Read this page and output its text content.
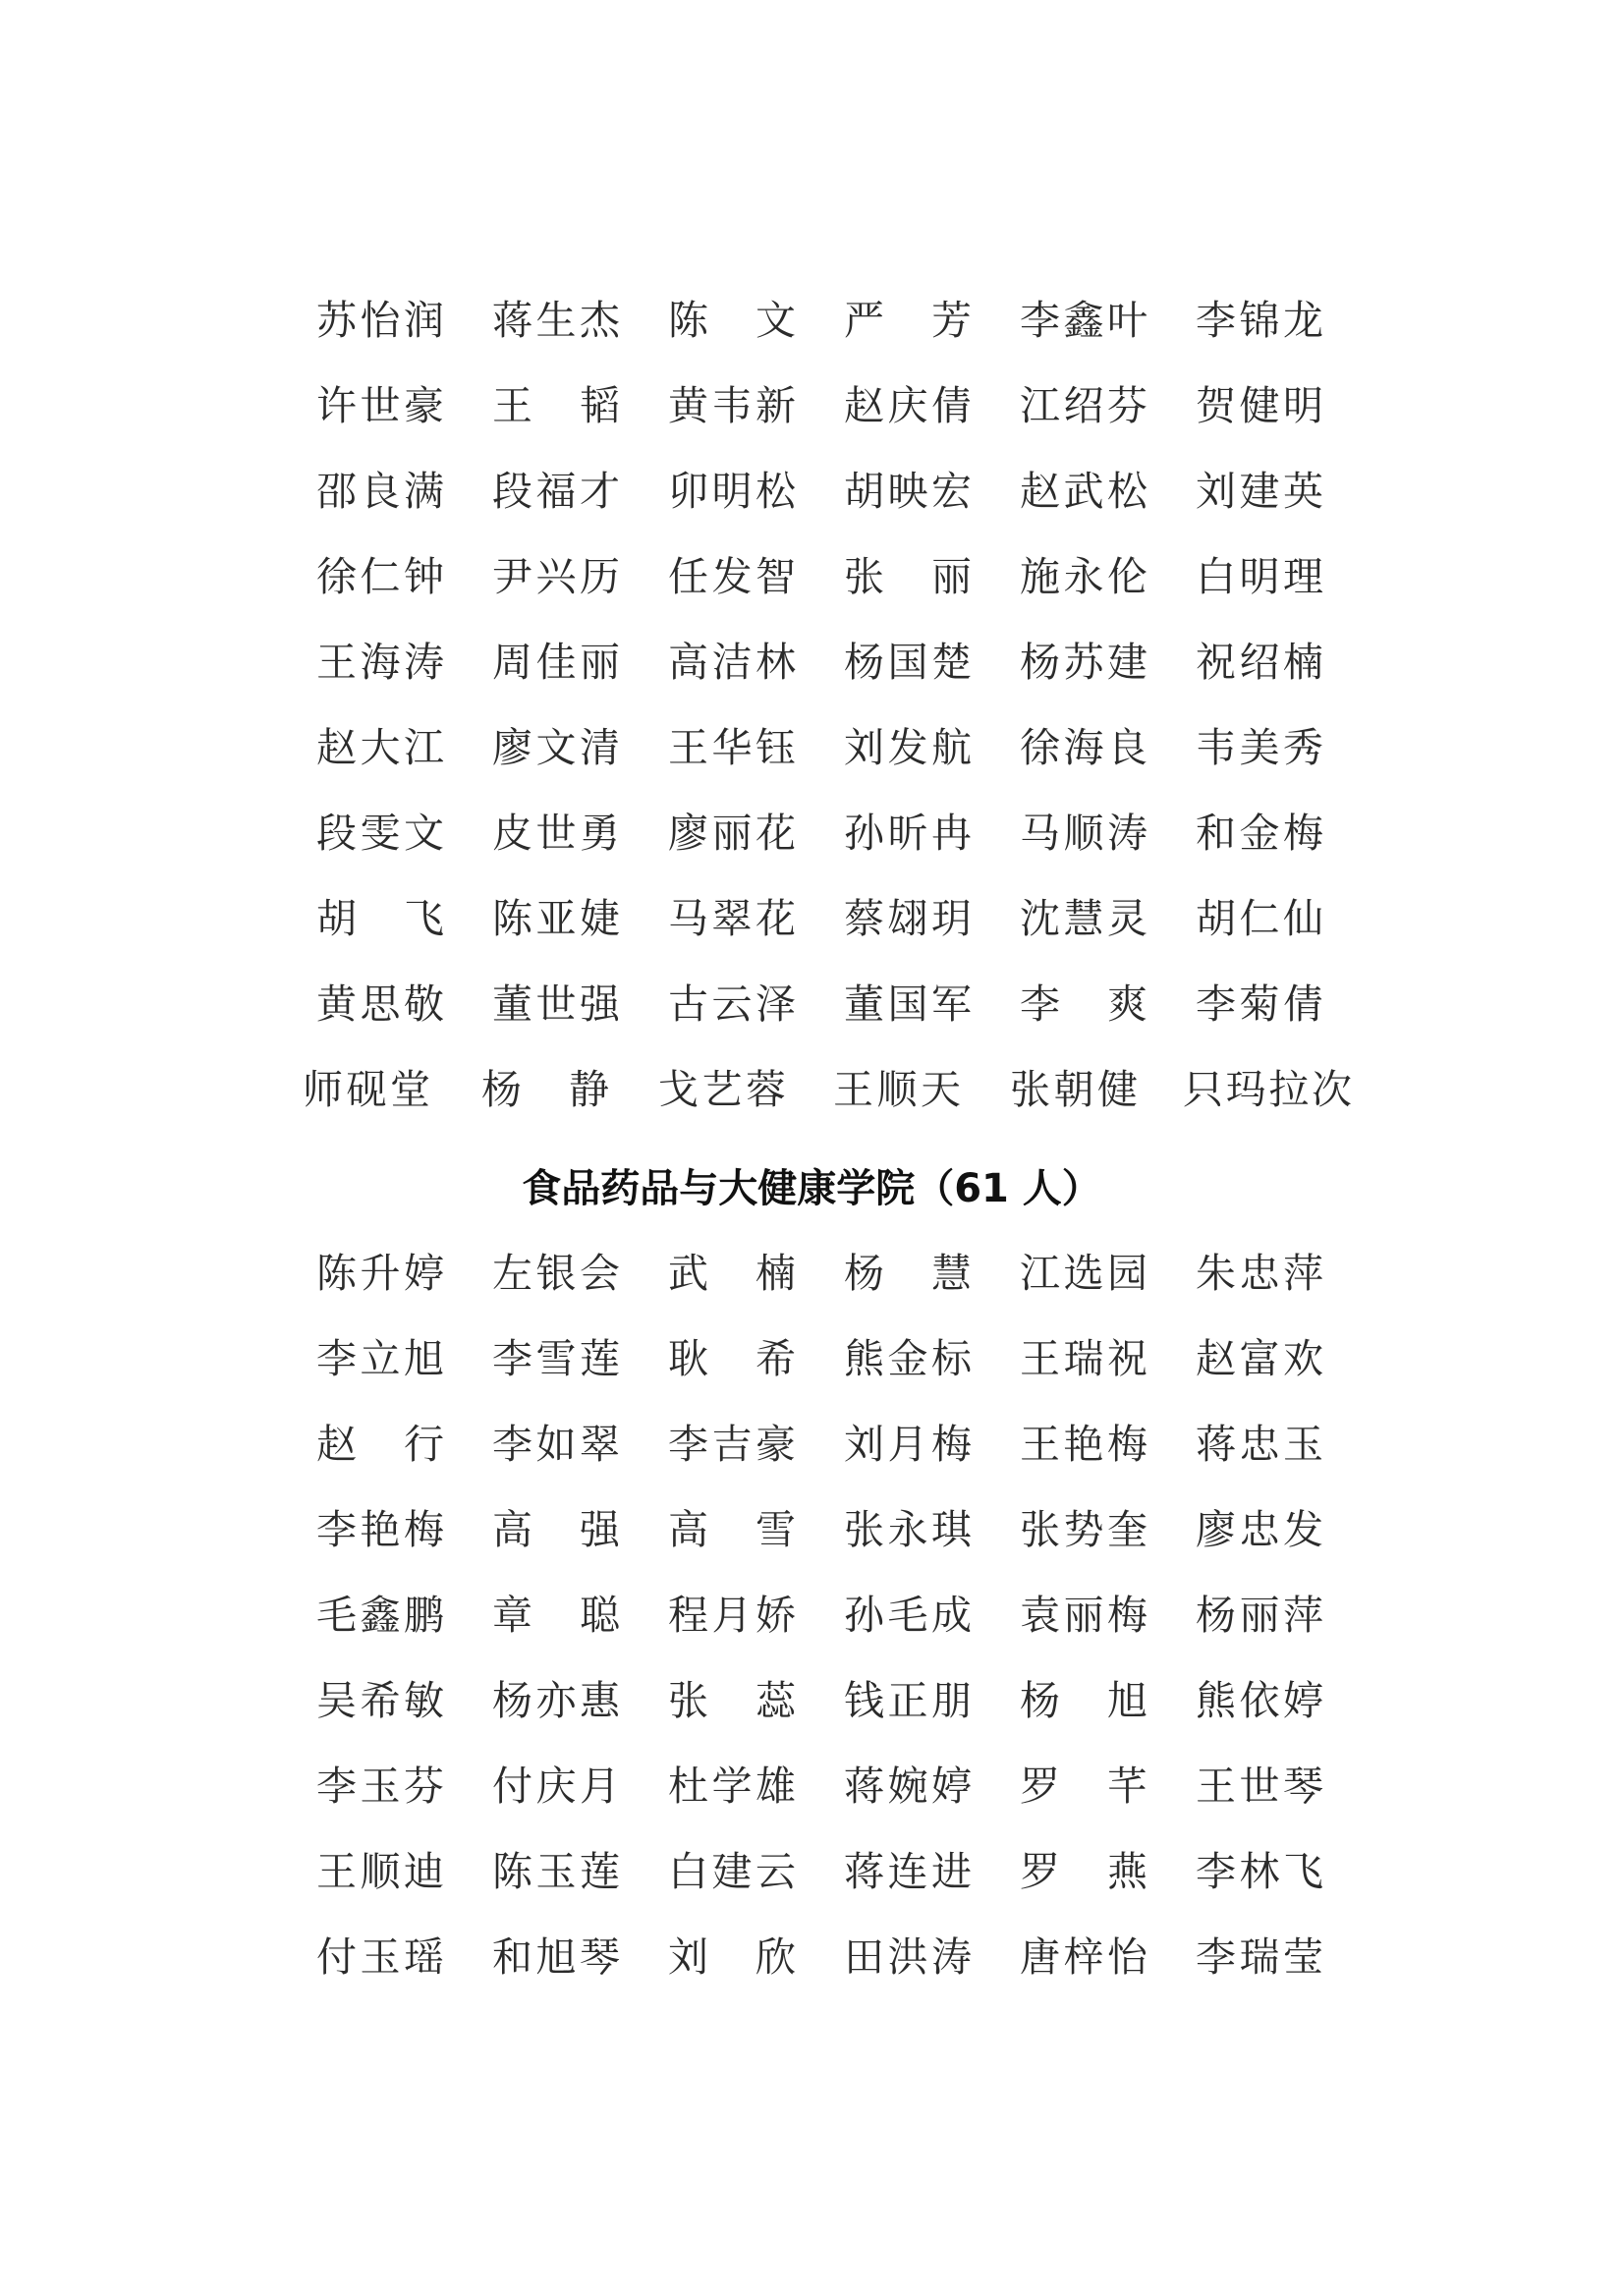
苏 怡 润 蒋 生 杰 陈 文 严 芳 李 鑫 叶 李 锦 龙
许 世 豪 王 韬 黄 韦 新 赵 庆 倩 江 绍 芬 贺 健 明
邵 良 满 段 福 才 卯 明 松 胡 映 宏 赵 武 松 刘 建 英
徐 仁 钟 尹 兴 历 任 发 智 张 丽 施 永 伦 白 明 理
王 海 涛 周 佳 丽 高 洁 林 杨 国 楚 杨 苏 建 祝 绍 楠
赵 大 江 廖 文 清 王 华 钰 刘 发 航 徐 海 良 韦 美 秀
段 雯 文 皮 世 勇 廖 丽 花 孙 昕 冉 马 顺 涛 和 金 梅
胡 飞 陈 亚 婕 马 翠 花 蔡 翃 玥 沈 慧 灵 胡 仁 仙
黄 思 敬 董 世 强 古 云 泽 董 国 军 李 爽 李 菊 倩
师 砚 堂 杨 静 戈 艺 蓉 王 顺 天 张 朝 健 只 玛 拉 次
食品药品与大健康学院（61 人）
陈 升 婷 左 银 会 武 楠 杨 慧 江 选 园 朱 忠 萍
李 立 旭 李 雪 莲 耿 希 熊 金 标 王 瑞 祝 赵 富 欢
赵 行 李 如 翠 李 吉 豪 刘 月 梅 王 艳 梅 蒋 忠 玉
李 艳 梅 高 强 高 雪 张 永 琪 张 势 奎 廖 忠 发
毛 鑫 鹏 章 聪 程 月 娇 孙 毛 成 袁 丽 梅 杨 丽 萍
吴 希 敏 杨 亦 惠 张 蕊 钱 正 朋 杨 旭 熊 依 婷
李 玉 芬 付 庆 月 杜 学 雄 蒋 婉 婷 罗 芊 王 世 琴
王 顺 迪 陈 玉 莲 白 建 云 蒋 连 进 罗 燕 李 林 飞
付 玉 瑶 和 旭 琴 刘 欣 田 洪 涛 唐 梓 怡 李 瑞 莹
